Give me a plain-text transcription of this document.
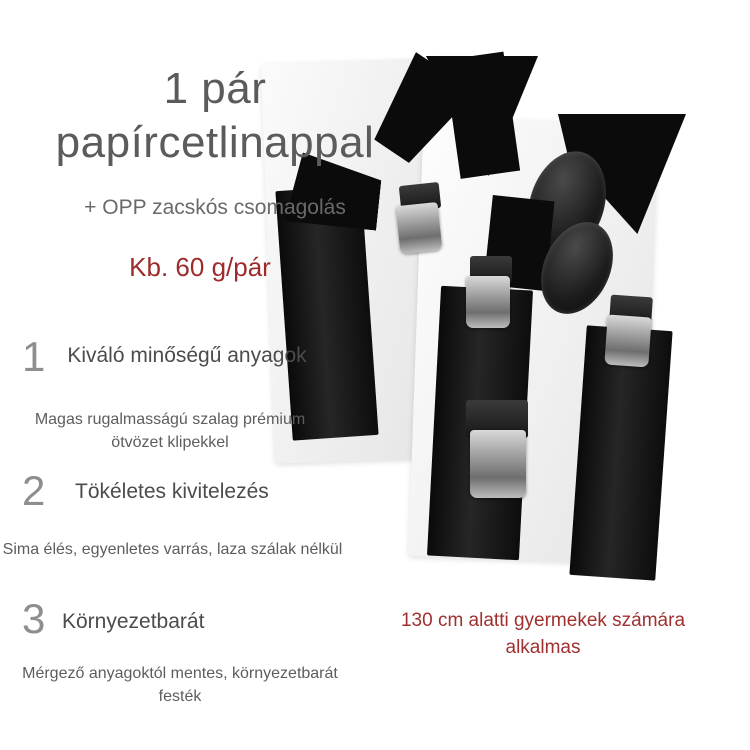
1 pár
papírcetlinappal
+ OPP zacskós csomagolás
Kb. 60 g/pár
1 Kiváló minőségű anyagok
Magas rugalmasságú szalag prémium ötvözet klipekkel
2 Tökéletes kivitelezés
Sima élés, egyenletes varrás, laza szálak nélkül
3 Környezetbarát
Mérgező anyagoktól mentes, környezetbarát festék
130 cm alatti gyermekek számára alkalmas
